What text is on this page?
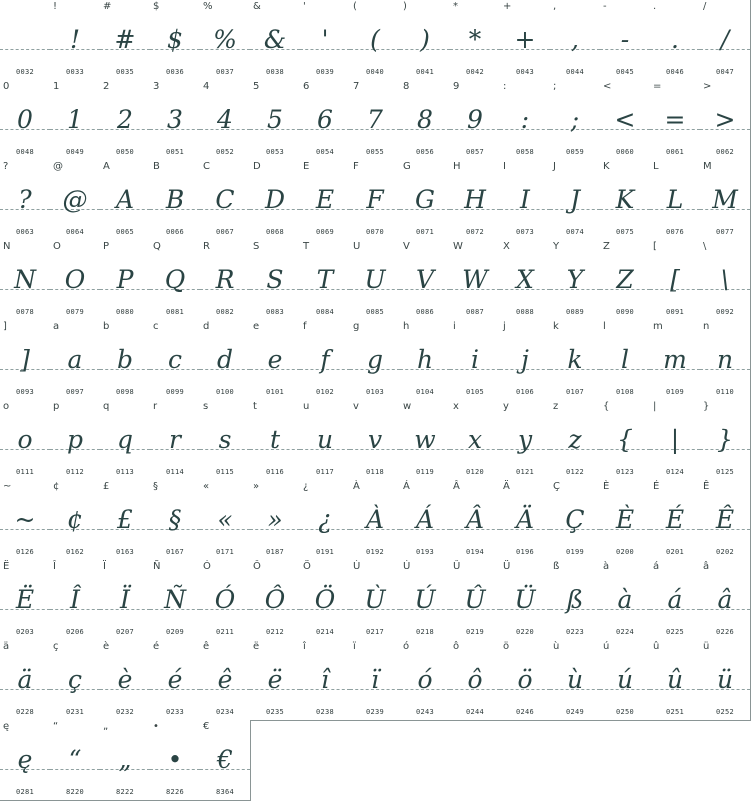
0032
!
!
0033
#
#
0035
$
$
0036
%
%
0037
&
&
0038
'
'
0039
(
(
0040
)
)
0041
*
*
0042
+
+
0043
,
,
0044
-
-
0045
.
.
0046
/
/
0047
0
0
0048
1
1
0049
2
2
0050
3
3
0051
4
4
0052
5
5
0053
6
6
0054
7
7
0055
8
8
0056
9
9
0057
:
:
0058
;
;
0059
<
<
0060
=
=
0061
>
>
0062
?
?
0063
@
@
0064
A
A
0065
B
B
0066
C
C
0067
D
D
0068
E
E
0069
F
F
0070
G
G
0071
H
H
0072
I
I
0073
J
J
0074
K
K
0075
L
L
0076
M
M
0077
N
N
0078
O
O
0079
P
P
0080
Q
Q
0081
R
R
0082
S
S
0083
T
T
0084
U
U
0085
V
V
0086
W
W
0087
X
X
0088
Y
Y
0089
Z
Z
0090
[
[
0091
\
\
0092
]
]
0093
a
a
0097
b
b
0098
c
c
0099
d
d
0100
e
e
0101
f
f
0102
g
g
0103
h
h
0104
i
i
0105
j
j
0106
k
k
0107
l
l
0108
m
m
0109
n
n
0110
o
o
0111
p
p
0112
q
q
0113
r
r
0114
s
s
0115
t
t
0116
u
u
0117
v
v
0118
w
w
0119
x
x
0120
y
y
0121
z
z
0122
{
{
0123
|
|
0124
}
}
0125
~
~
0126
¢
¢
0162
£
£
0163
§
§
0167
«
«
0171
»
»
0187
¿
¿
0191
À
À
0192
Á
Á
0193
Â
Â
0194
Ä
Ä
0196
Ç
Ç
0199
È
È
0200
É
É
0201
Ê
Ê
0202
Ë
Ë
0203
Î
Î
0206
Ï
Ï
0207
Ñ
Ñ
0209
Ó
Ó
0211
Ô
Ô
0212
Ö
Ö
0214
Ù
Ù
0217
Ú
Ú
0218
Û
Û
0219
Ü
Ü
0220
ß
ß
0223
à
à
0224
á
á
0225
â
â
0226
ä
ä
0228
ç
ç
0231
è
è
0232
é
é
0233
ê
ê
0234
ë
ë
0235
î
î
0238
ï
ï
0239
ó
ó
0243
ô
ô
0244
ö
ö
0246
ù
ù
0249
ú
ú
0250
û
û
0251
ü
ü
0252
ę
ę
0281
“
“
8220
„
„
8222
•
•
8226
€
€
8364
